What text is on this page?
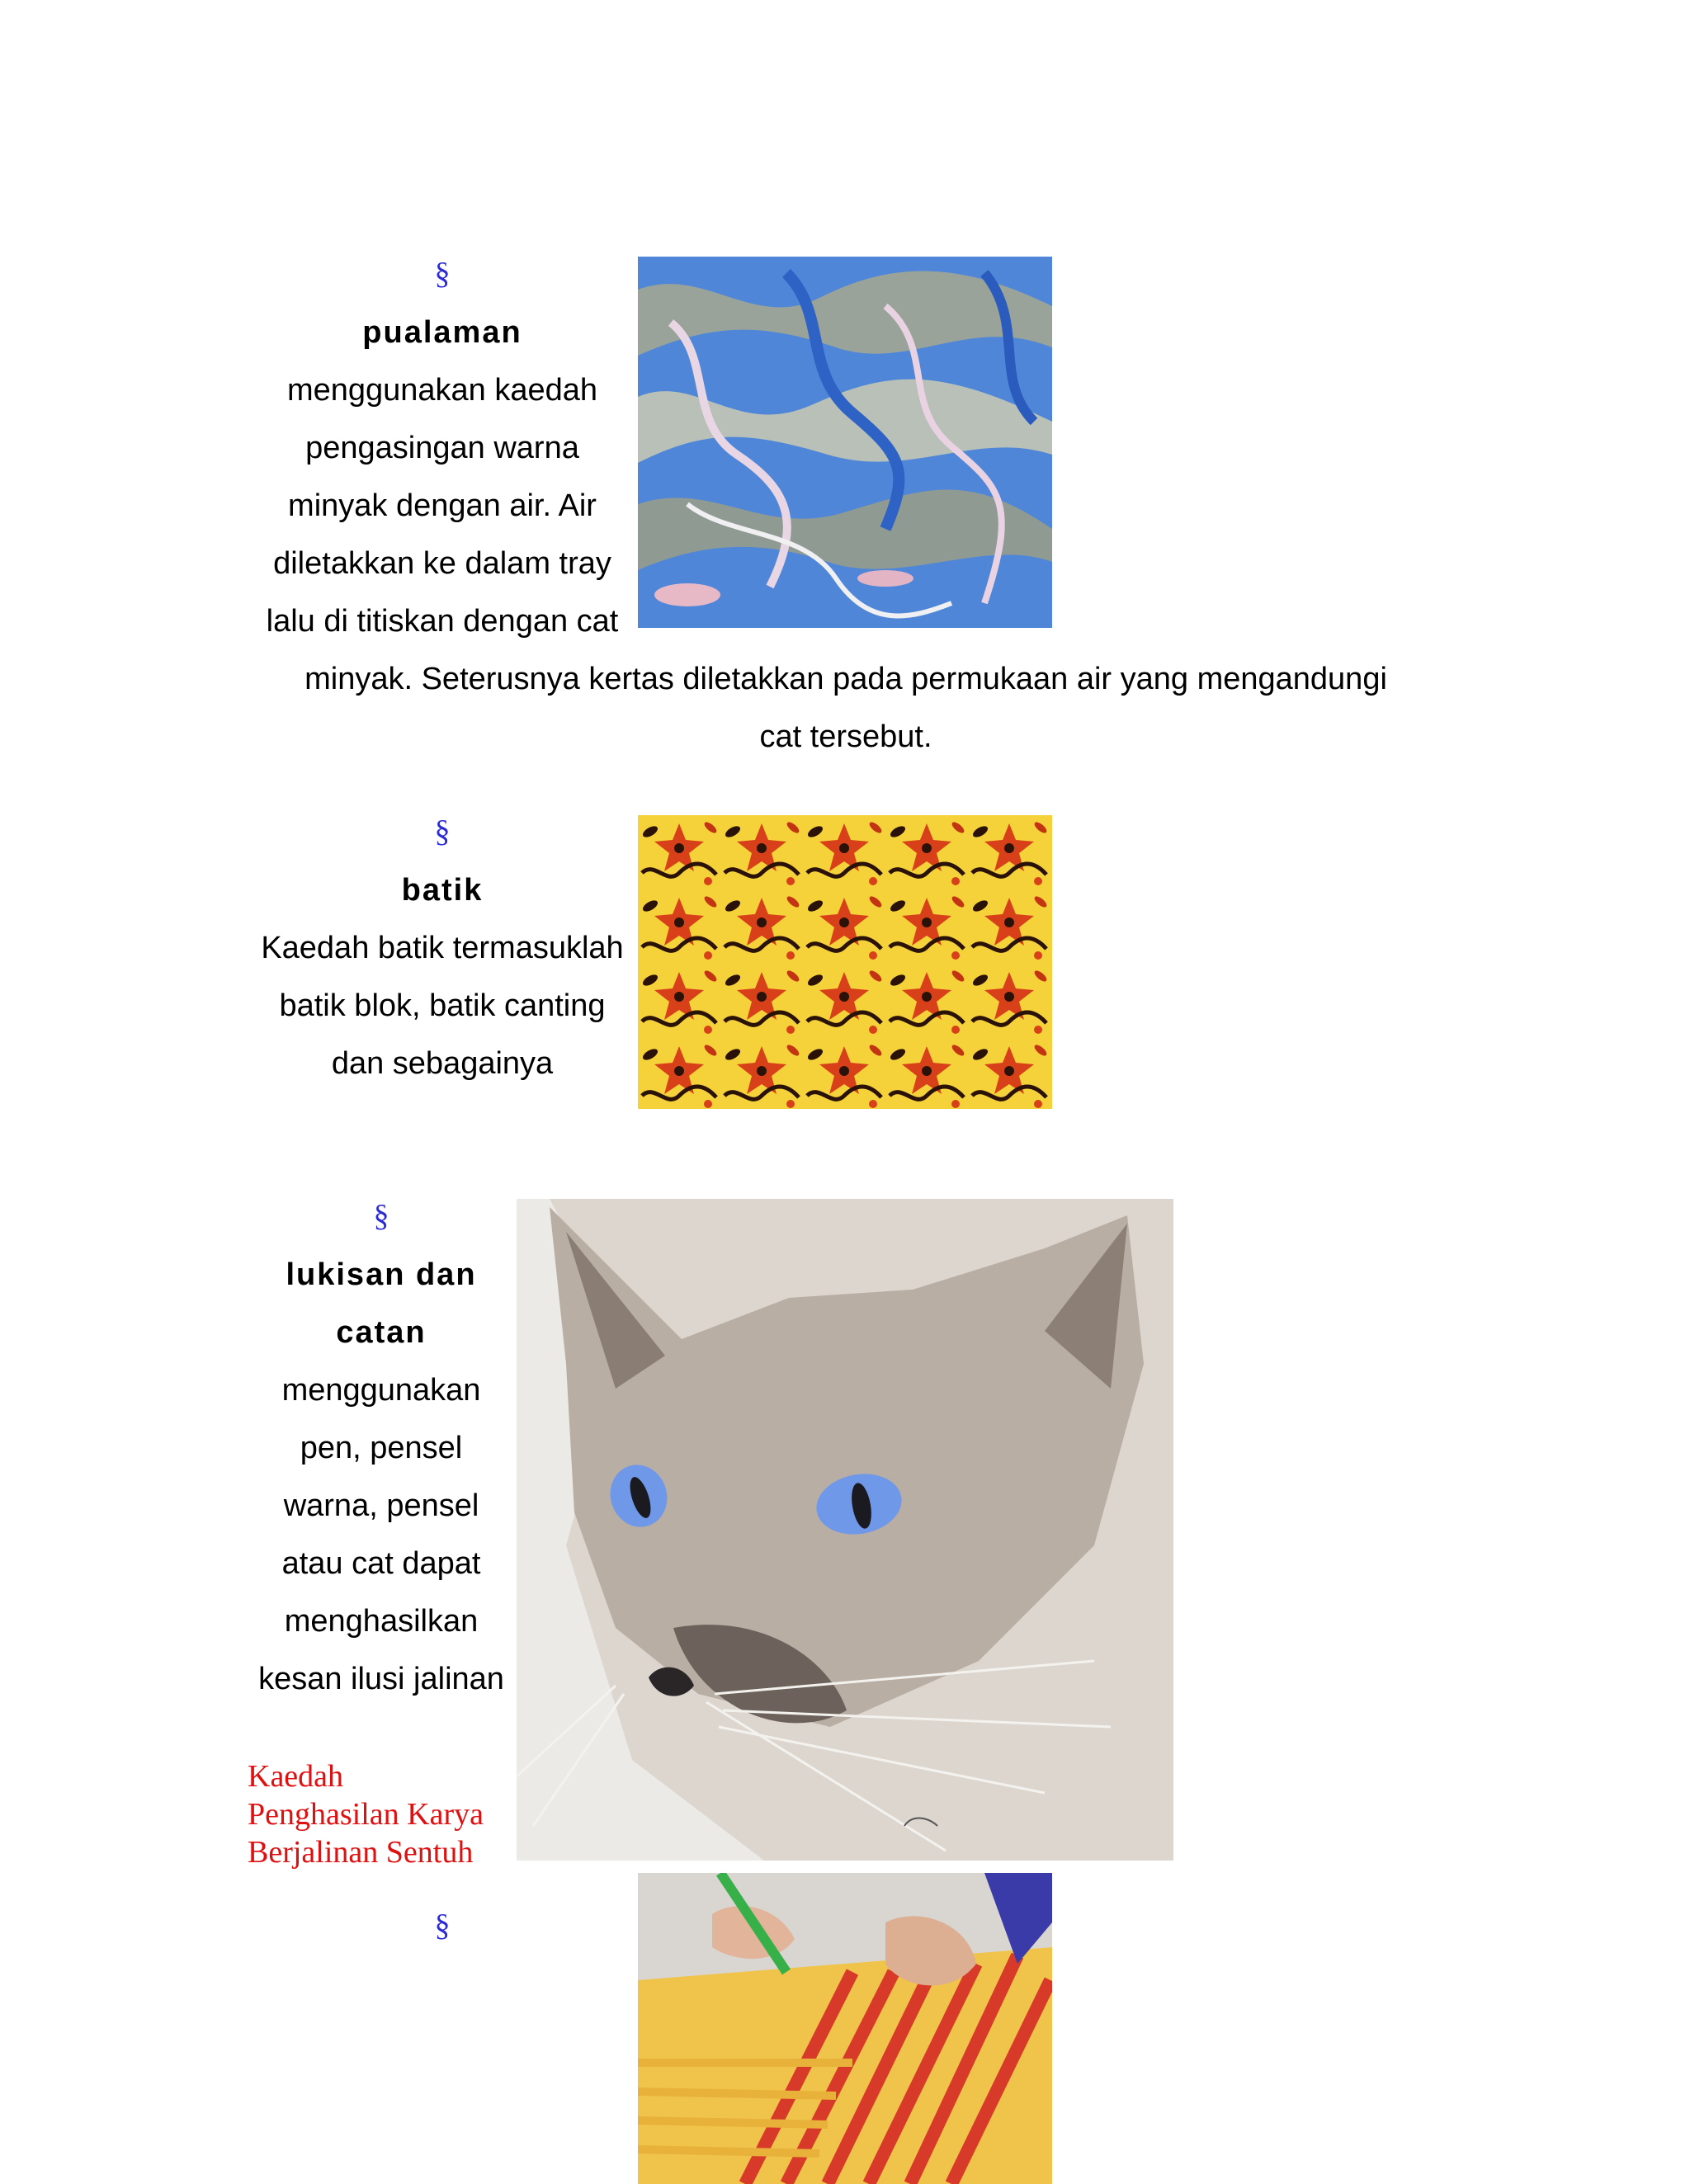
§
pualaman
menggunakan kaedah
pengasingan warna
minyak dengan air. Air
diletakkan ke dalam tray
lalu di titiskan dengan cat
minyak. Seterusnya kertas diletakkan pada permukaan air yang mengandungi
cat tersebut.
§
batik
Kaedah batik termasuklah
batik blok, batik canting
dan sebagainya
§
lukisan dan
catan
menggunakan
pen, pensel
warna, pensel
atau cat dapat
menghasilkan
kesan ilusi jalinan
Kaedah
Penghasilan Karya
Berjalinan Sentuh
§
